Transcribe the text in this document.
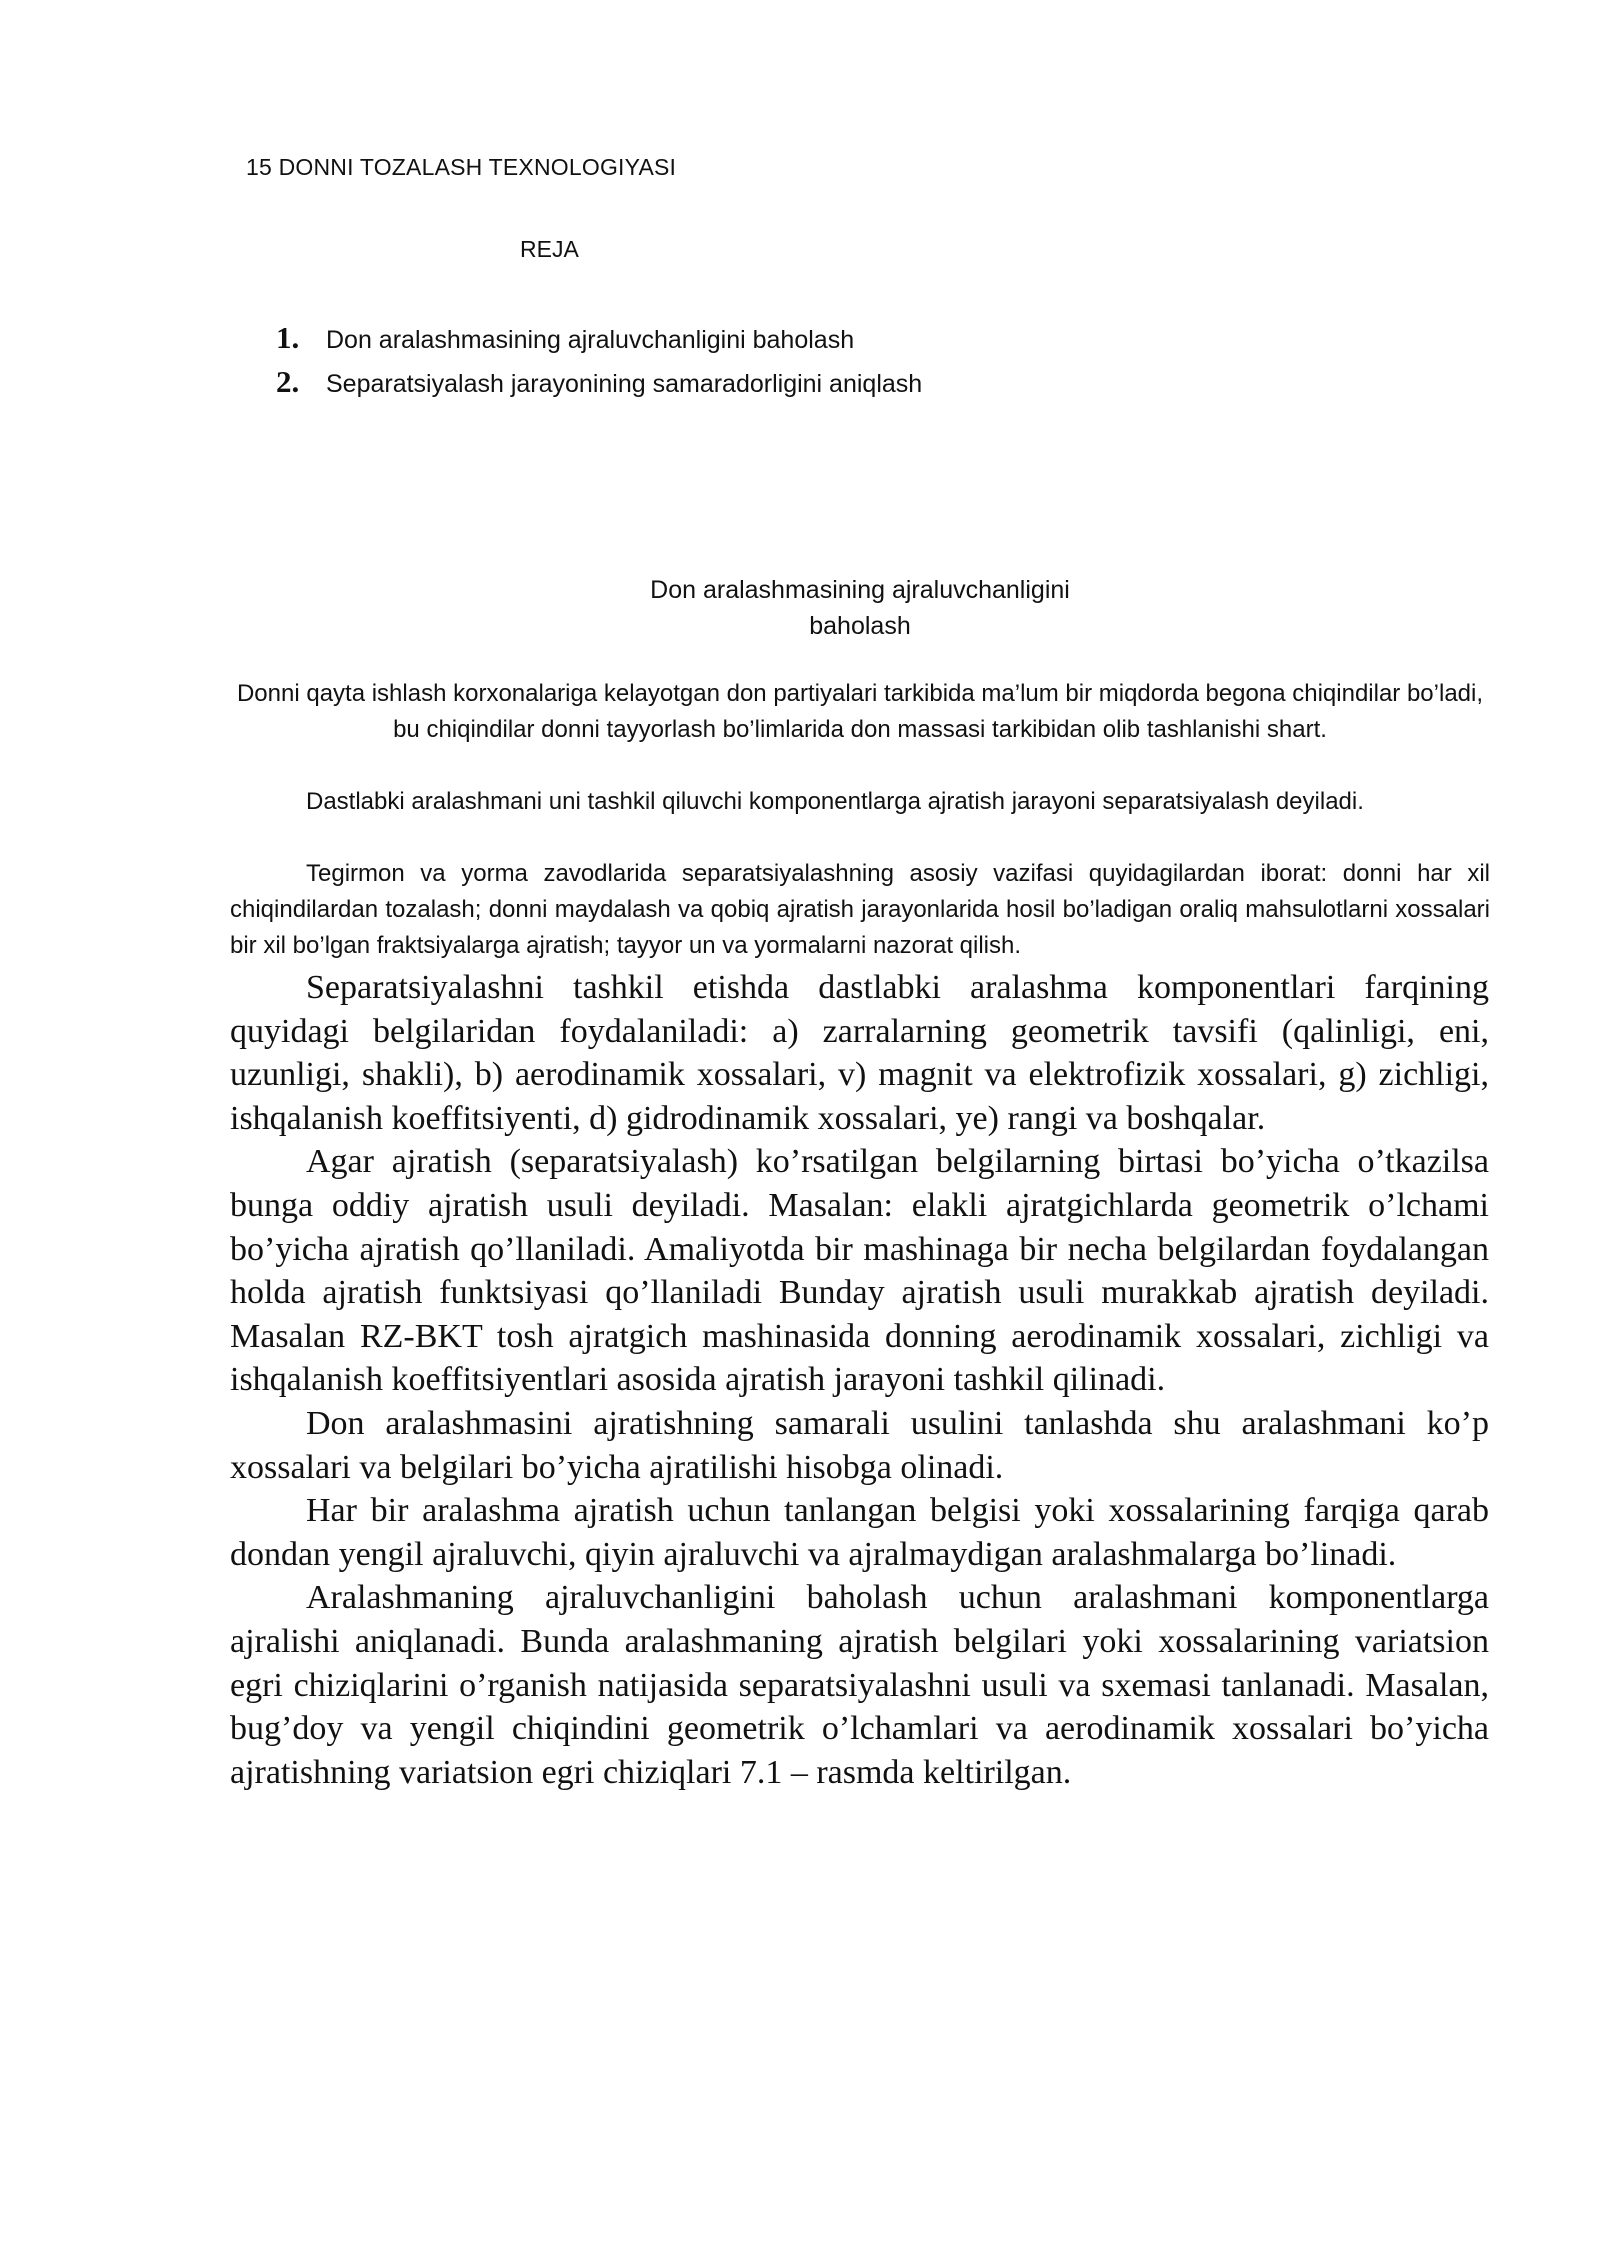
15 DONNI TOZALASH TEXNOLOGIYASI
REJA
1. Don aralashmasining ajraluvchanligini baholash
2. Separatsiyalash jarayonining samaradorligini aniqlash
Don aralashmasining ajraluvchanligini
baholash
Donni qayta ishlash korxonalariga kelayotgan don partiyalari tarkibida ma’lum bir miqdorda begona chiqindilar bo’ladi, bu chiqindilar donni tayyorlash bo’limlarida don massasi tarkibidan olib tashlanishi shart.
Dastlabki aralashmani uni tashkil qiluvchi komponentlarga ajratish jarayoni separatsiyalash deyiladi.
Tegirmon va yorma zavodlarida separatsiyalashning asosiy vazifasi quyidagilardan iborat: donni har xil chiqindilardan tozalash; donni maydalash va qobiq ajratish jarayonlarida hosil bo’ladigan oraliq mahsulotlarni xossalari bir xil bo’lgan fraktsiyalarga ajratish; tayyor un va yormalarni nazorat qilish.

Separatsiyalashni tashkil etishda dastlabki aralashma komponentlari farqining quyidagi belgilaridan foydalaniladi: a) zarralarning geometrik tavsifi (qalinligi, eni, uzunligi, shakli), b) aerodinamik xossalari, v) magnit va elektrofizik xossalari, g) zichligi, ishqalanish koeffitsiyenti, d) gidrodinamik xossalari, ye) rangi va boshqalar.

Agar ajratish (separatsiyalash) ko’rsatilgan belgilarning birtasi bo’yicha o’tkazilsa bunga oddiy ajratish usuli deyiladi. Masalan: elakli ajratgichlarda geometrik o’lchami bo’yicha ajratish qo’llaniladi. Amaliyotda bir mashinaga bir necha belgilardan foydalangan holda ajratish funktsiyasi qo’llaniladi Bunday ajratish usuli murakkab ajratish deyiladi. Masalan RZ-BKT tosh ajratgich mashinasida donning aerodinamik xossalari, zichligi va ishqalanish koeffitsiyentlari asosida ajratish jarayoni tashkil qilinadi.

Don aralashmasini ajratishning samarali usulini tanlashda shu aralashmani ko’p xossalari va belgilari bo’yicha ajratilishi hisobga olinadi.

Har bir aralashma ajratish uchun tanlangan belgisi yoki xossalarining farqiga qarab dondan yengil ajraluvchi, qiyin ajraluvchi va ajralmaydigan aralashmalarga bo’linadi.

Aralashmaning ajraluvchanligini baholash uchun aralashmani komponentlarga ajralishi aniqlanadi. Bunda aralashmaning ajratish belgilari yoki xossalarining variatsion egri chiziqlarini o’rganish natijasida separatsiyalashni usuli va sxemasi tanlanadi. Masalan, bug’doy va yengil chiqindini geometrik o’lchamlari va aerodinamik xossalari bo’yicha ajratishning variatsion egri chiziqlari 7.1 – rasmda keltirilgan.
